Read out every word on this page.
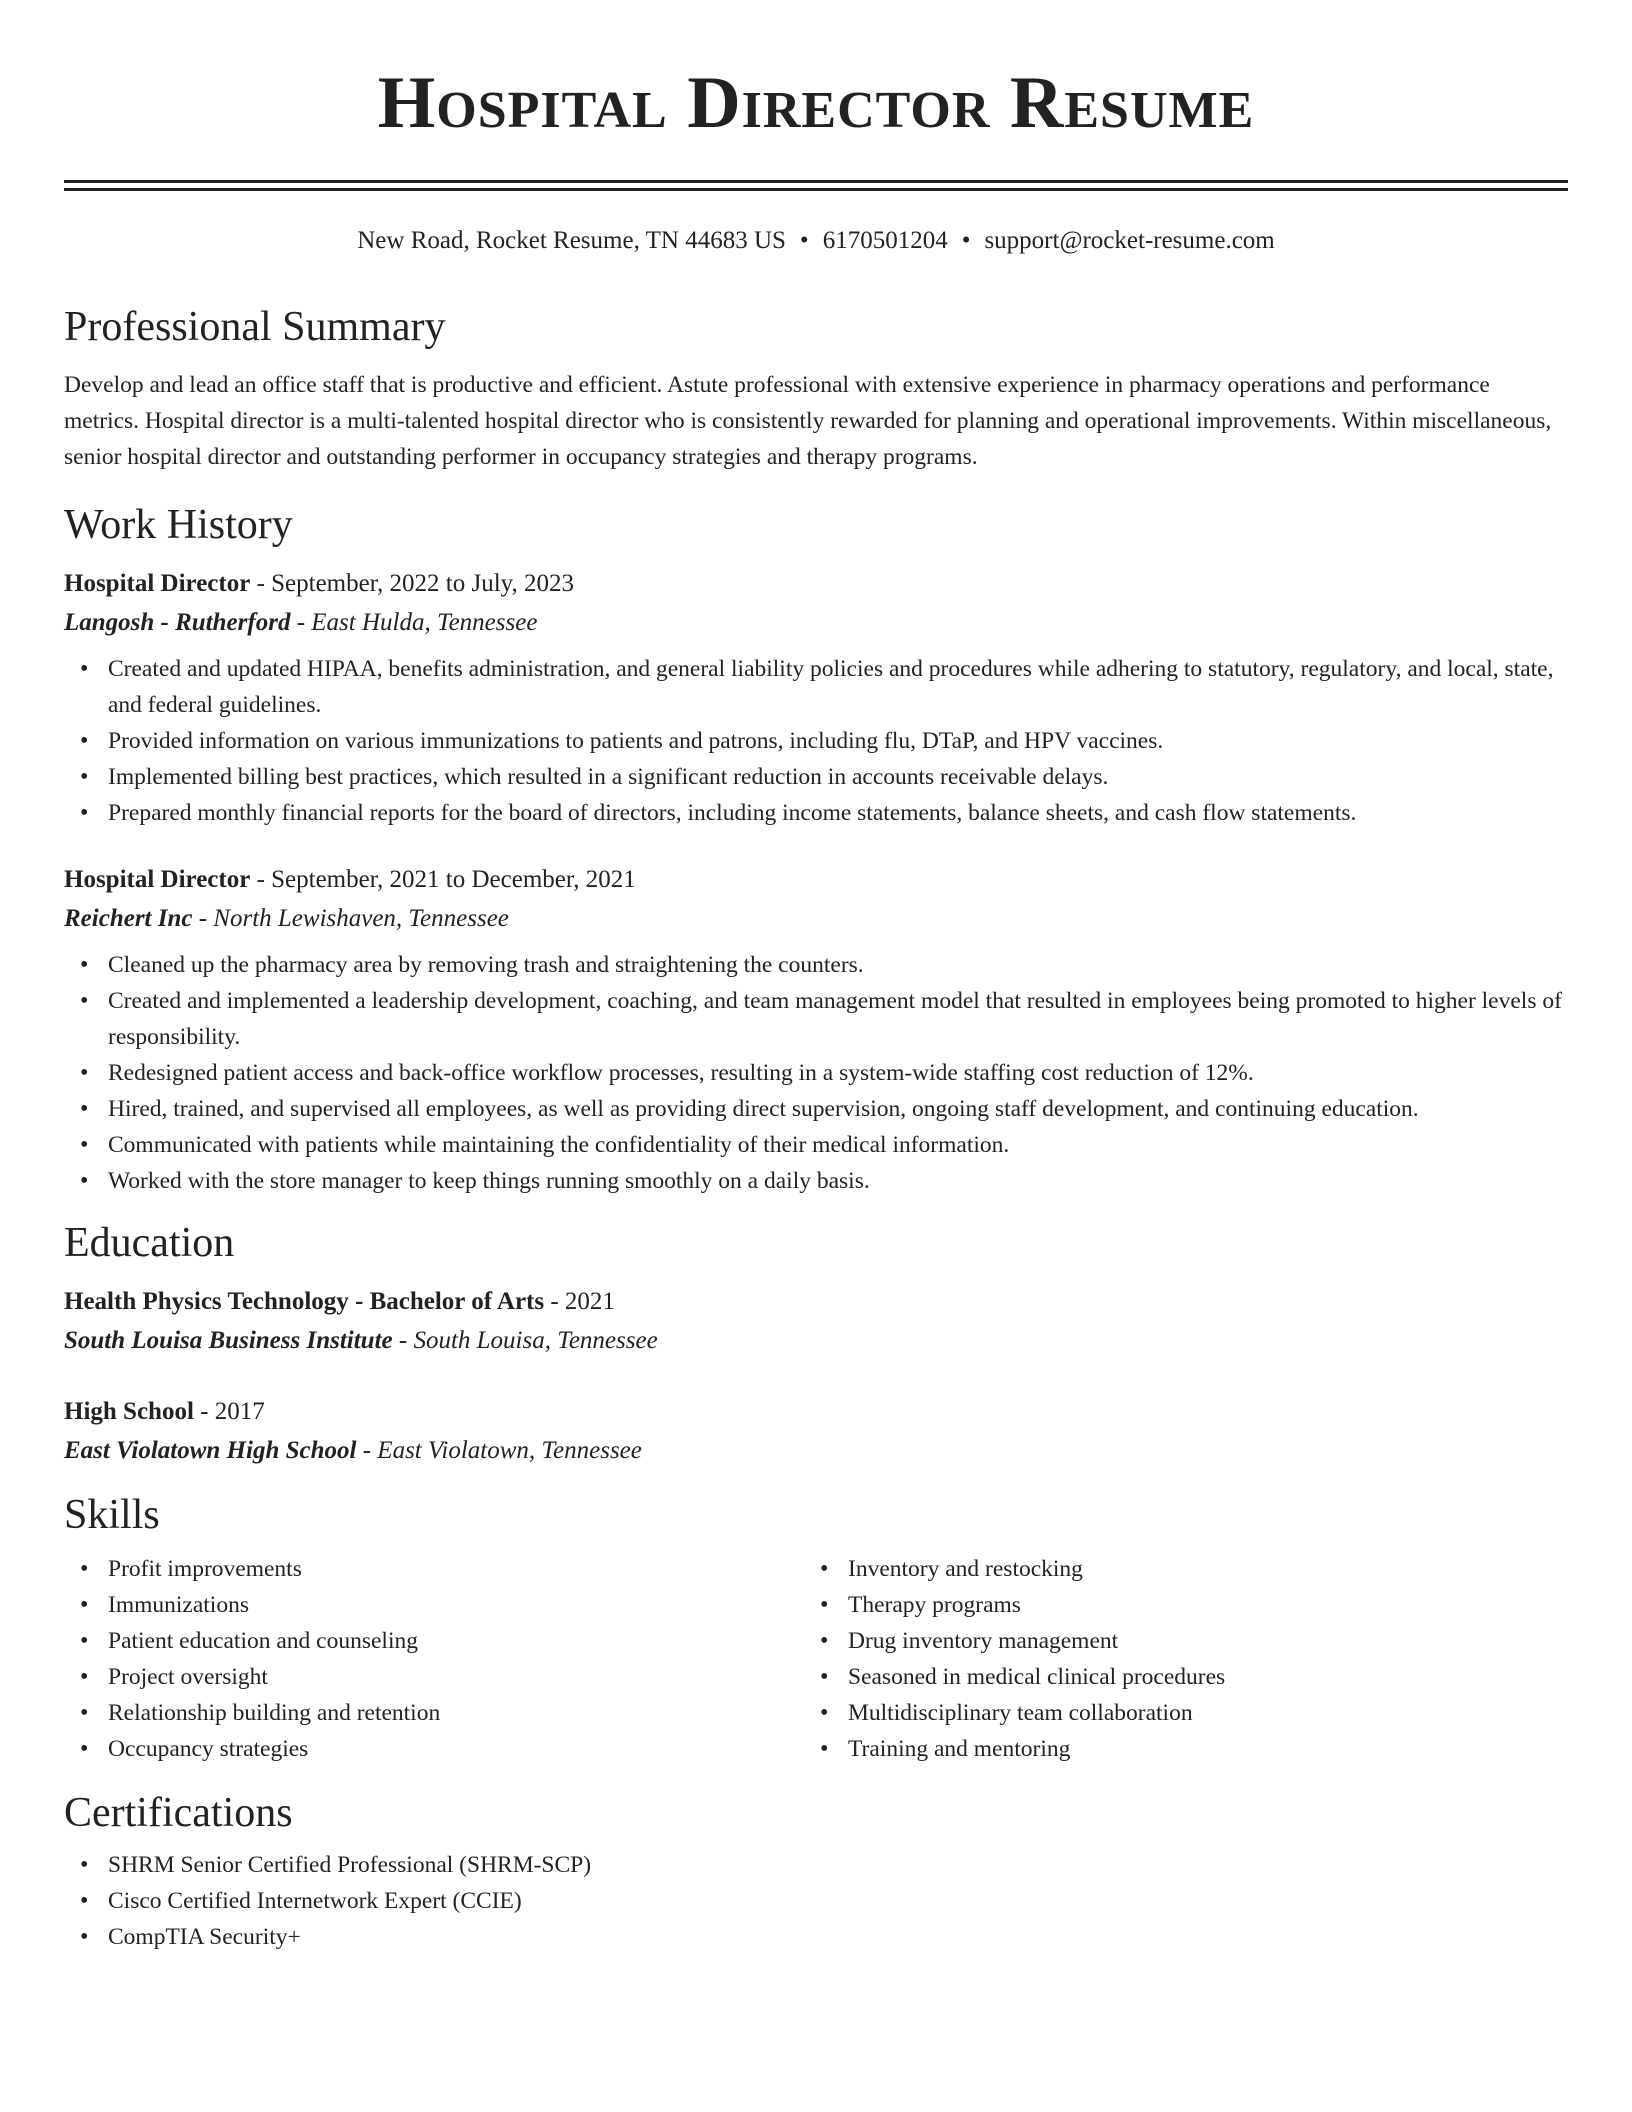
Hospital Director Resume
New Road, Rocket Resume, TN 44683 US • 6170501204 • support@rocket-resume.com
Professional Summary
Develop and lead an office staff that is productive and efficient. Astute professional with extensive experience in pharmacy operations and performance metrics. Hospital director is a multi-talented hospital director who is consistently rewarded for planning and operational improvements. Within miscellaneous, senior hospital director and outstanding performer in occupancy strategies and therapy programs.
Work History
Hospital Director - September, 2022 to July, 2023
Langosh - Rutherford - East Hulda, Tennessee
• Created and updated HIPAA, benefits administration, and general liability policies and procedures while adhering to statutory, regulatory, and local, state, and federal guidelines.
• Provided information on various immunizations to patients and patrons, including flu, DTaP, and HPV vaccines.
• Implemented billing best practices, which resulted in a significant reduction in accounts receivable delays.
• Prepared monthly financial reports for the board of directors, including income statements, balance sheets, and cash flow statements.
Hospital Director - September, 2021 to December, 2021
Reichert Inc - North Lewishaven, Tennessee
• Cleaned up the pharmacy area by removing trash and straightening the counters.
• Created and implemented a leadership development, coaching, and team management model that resulted in employees being promoted to higher levels of responsibility.
• Redesigned patient access and back-office workflow processes, resulting in a system-wide staffing cost reduction of 12%.
• Hired, trained, and supervised all employees, as well as providing direct supervision, ongoing staff development, and continuing education.
• Communicated with patients while maintaining the confidentiality of their medical information.
• Worked with the store manager to keep things running smoothly on a daily basis.
Education
Health Physics Technology - Bachelor of Arts - 2021
South Louisa Business Institute - South Louisa, Tennessee
High School - 2017
East Violatown High School - East Violatown, Tennessee
Skills
• Profit improvements
• Immunizations
• Patient education and counseling
• Project oversight
• Relationship building and retention
• Occupancy strategies
• Inventory and restocking
• Therapy programs
• Drug inventory management
• Seasoned in medical clinical procedures
• Multidisciplinary team collaboration
• Training and mentoring
Certifications
• SHRM Senior Certified Professional (SHRM-SCP)
• Cisco Certified Internetwork Expert (CCIE)
• CompTIA Security+
